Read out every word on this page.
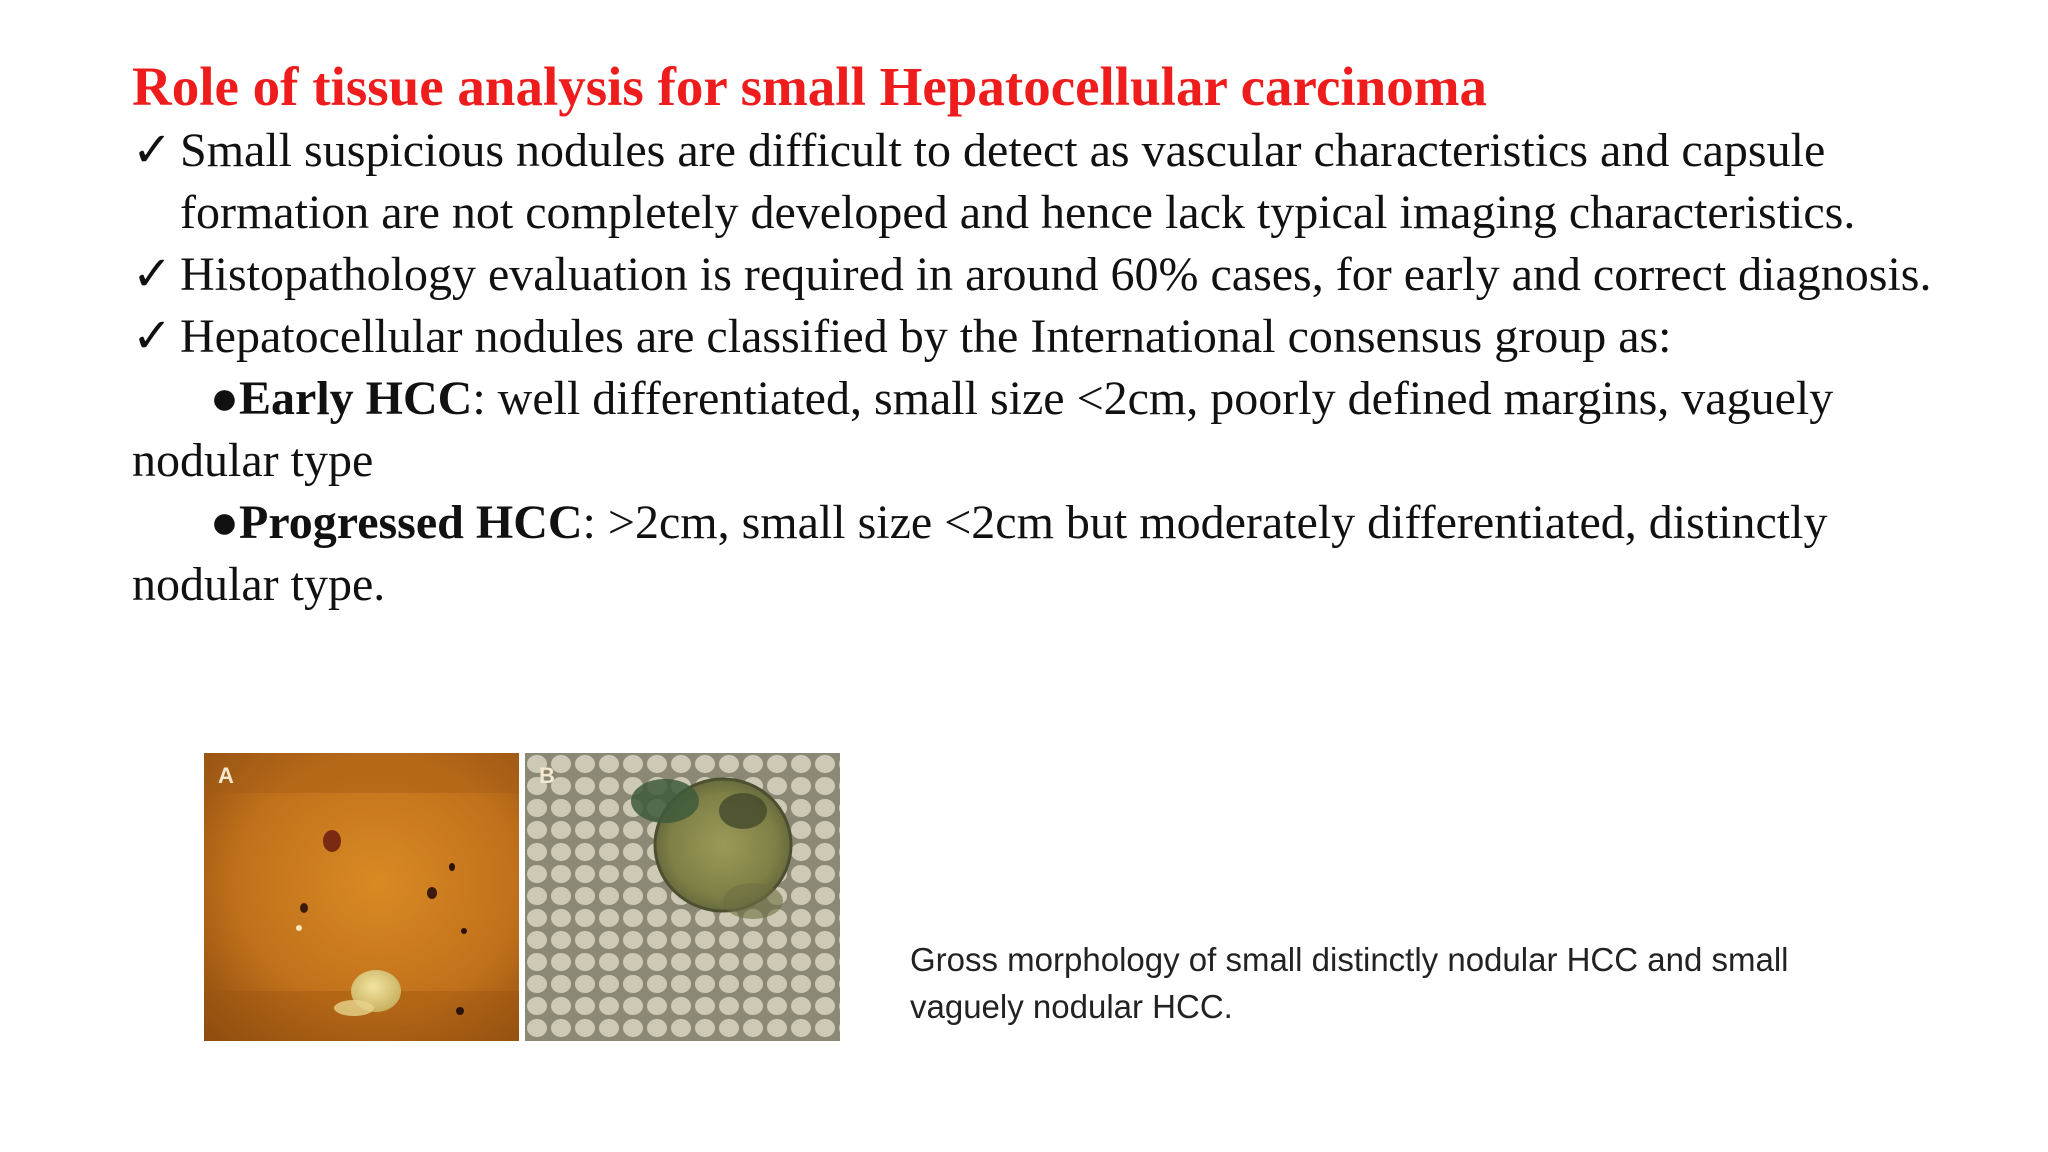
Role of tissue analysis for small Hepatocellular carcinoma
✓ Small suspicious nodules are difficult to detect as vascular characteristics and capsule formation are not completely developed and hence lack typical imaging characteristics.
✓ Histopathology evaluation is required in around 60% cases, for early and correct diagnosis.
✓ Hepatocellular nodules are classified by the International consensus group as:
●Early HCC: well differentiated, small size <2cm, poorly defined margins, vaguely nodular type
●Progressed HCC: >2cm, small size <2cm but moderately differentiated, distinctly nodular type.
A	B
Gross morphology of small distinctly nodular HCC and small vaguely nodular HCC.
